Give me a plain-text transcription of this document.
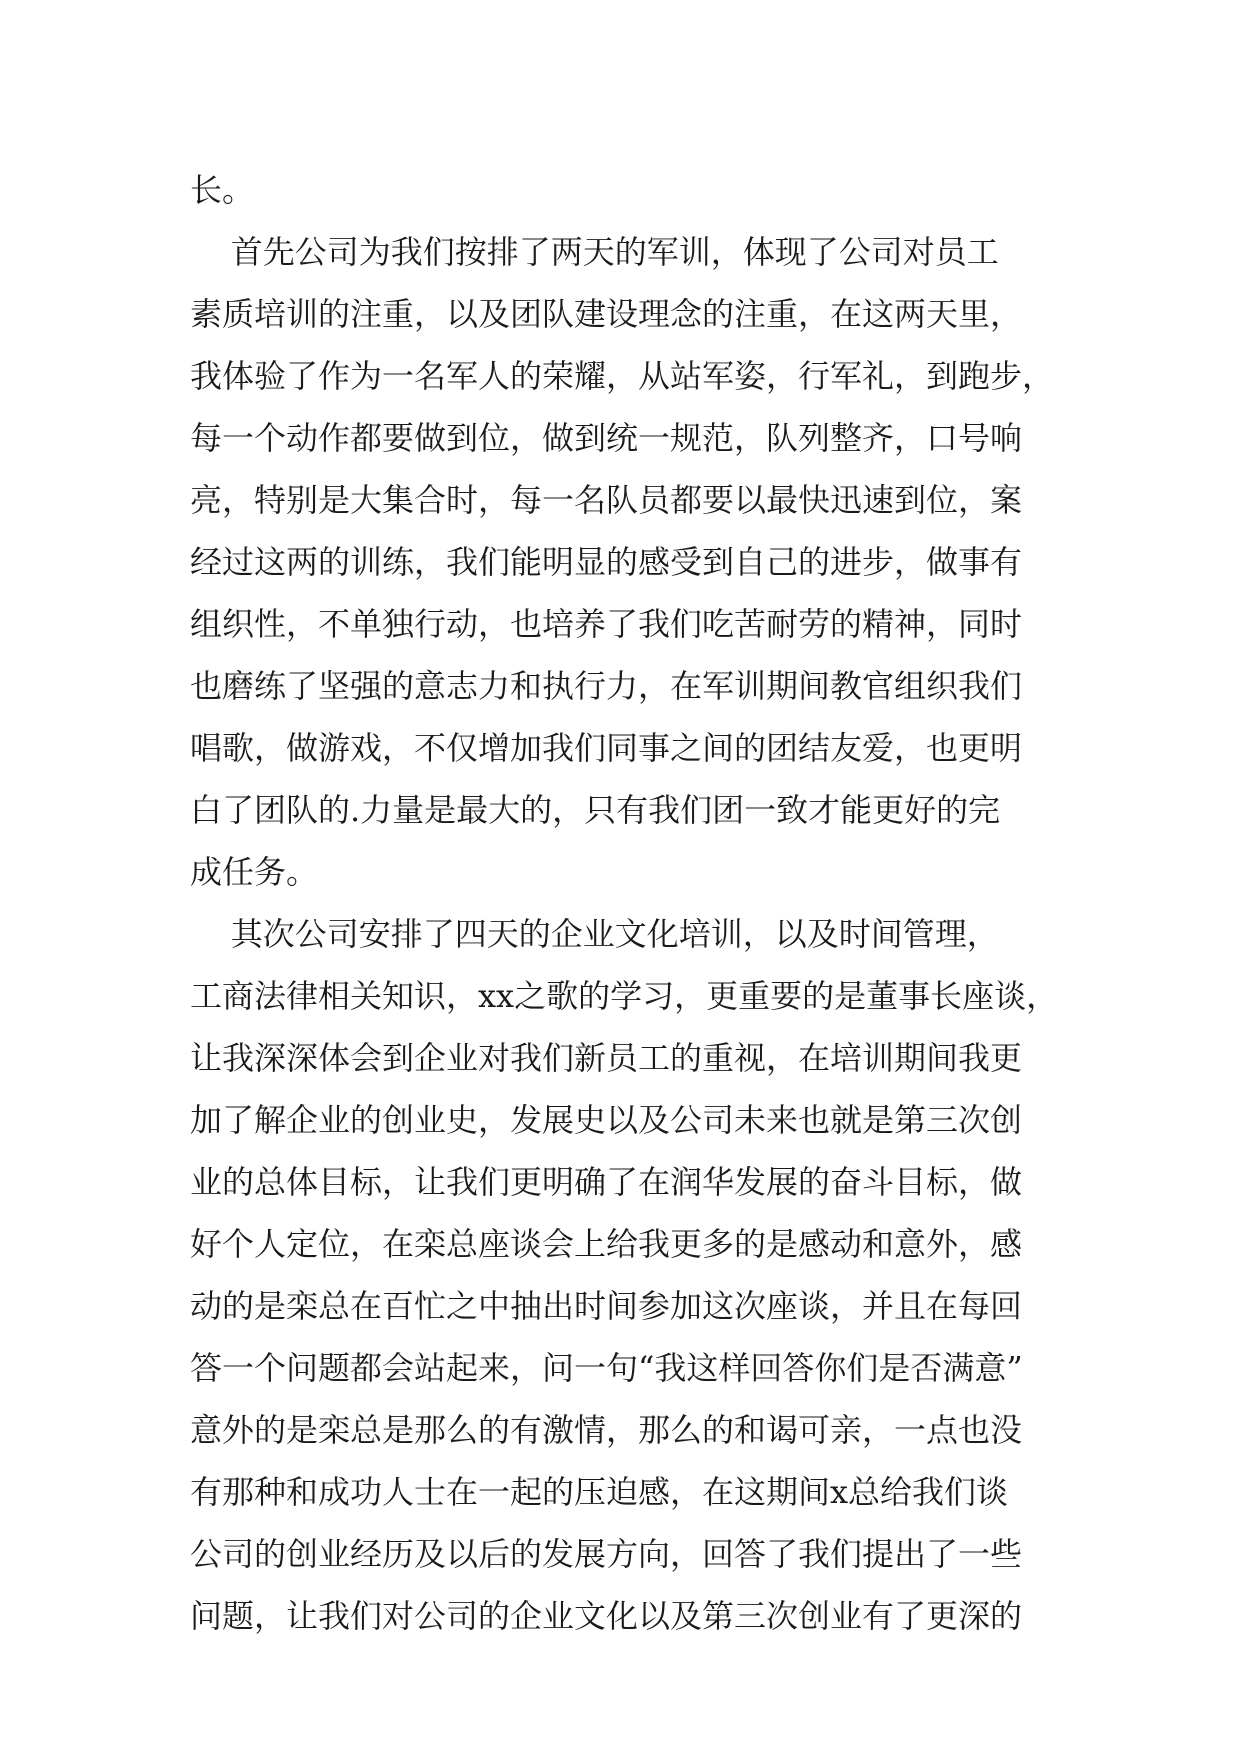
长。
首先公司为我们按排了两天的军训，体现了公司对员工
素质培训的注重，以及团队建设理念的注重，在这两天里，
我体验了作为一名军人的荣耀，从站军姿，行军礼，到跑步，
每一个动作都要做到位，做到统一规范，队列整齐，口号响
亮，特别是大集合时，每一名队员都要以最快迅速到位，案
经过这两的训练，我们能明显的感受到自己的进步，做事有
组织性，不单独行动，也培养了我们吃苦耐劳的精神，同时
也磨练了坚强的意志力和执行力，在军训期间教官组织我们
唱歌，做游戏，不仅增加我们同事之间的团结友爱，也更明
白了团队的.力量是最大的，只有我们团一致才能更好的完
成任务。
其次公司安排了四天的企业文化培训，以及时间管理，
工商法律相关知识，xx之歌的学习，更重要的是董事长座谈，
让我深深体会到企业对我们新员工的重视，在培训期间我更
加了解企业的创业史，发展史以及公司未来也就是第三次创
业的总体目标，让我们更明确了在润华发展的奋斗目标，做
好个人定位，在栾总座谈会上给我更多的是感动和意外，感
动的是栾总在百忙之中抽出时间参加这次座谈，并且在每回
答一个问题都会站起来，问一句“我这样回答你们是否满意”
意外的是栾总是那么的有激情，那么的和谒可亲，一点也没
有那种和成功人士在一起的压迫感，在这期间x总给我们谈
公司的创业经历及以后的发展方向，回答了我们提出了一些
问题，让我们对公司的企业文化以及第三次创业有了更深的
